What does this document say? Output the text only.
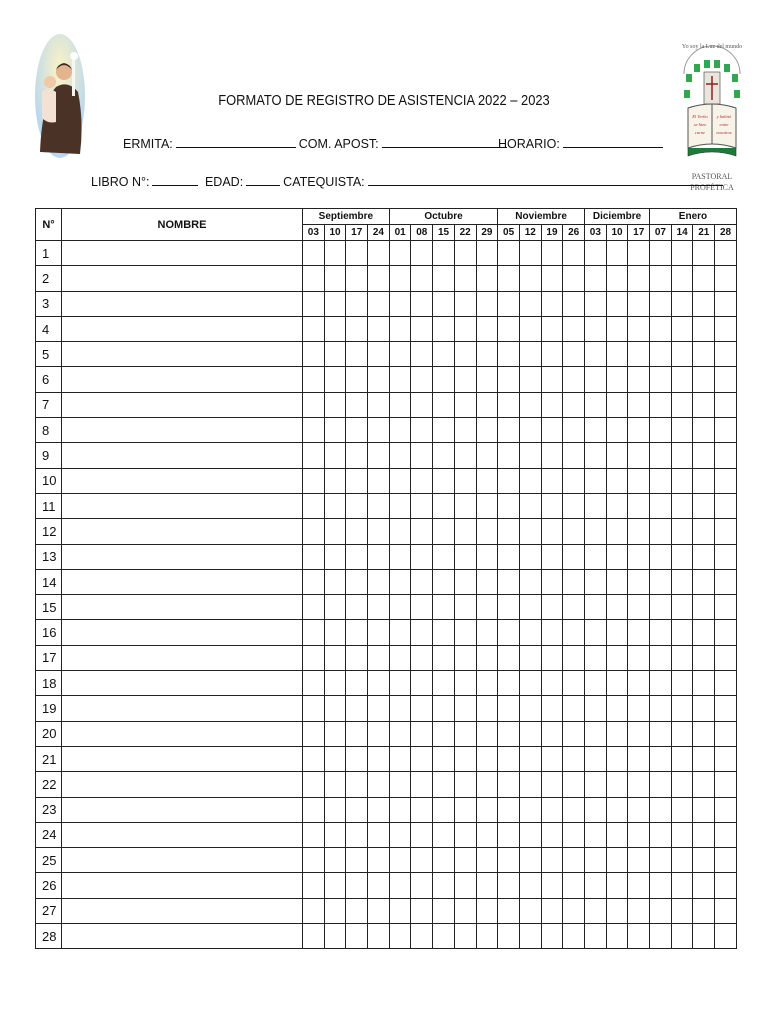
Yo soy la Luz del mundo
El Verbo
se hizo
carne
y habitó
entre
nosotros
PASTORAL
PROFÉTICA
FORMATO DE REGISTRO DE ASISTENCIA 2022 – 2023
ERMITA:	COM. APOST:	HORARIO:
LIBRO N°:	EDAD:	CATEQUISTA:
N°	NOMBRE	Septiembre				Octubre					Noviembre				Diciembre			Enero			
		03	10	17	24	01	08	15	22	29	05	12	19	26	03	10	17	07	14	21	28
1																					
2																					
3																					
4																					
5																					
6																					
7																					
8																					
9																					
10																					
11																					
12																					
13																					
14																					
15																					
16																					
17																					
18																					
19																					
20																					
21																					
22																					
23																					
24																					
25																					
26																					
27																					
28																					
